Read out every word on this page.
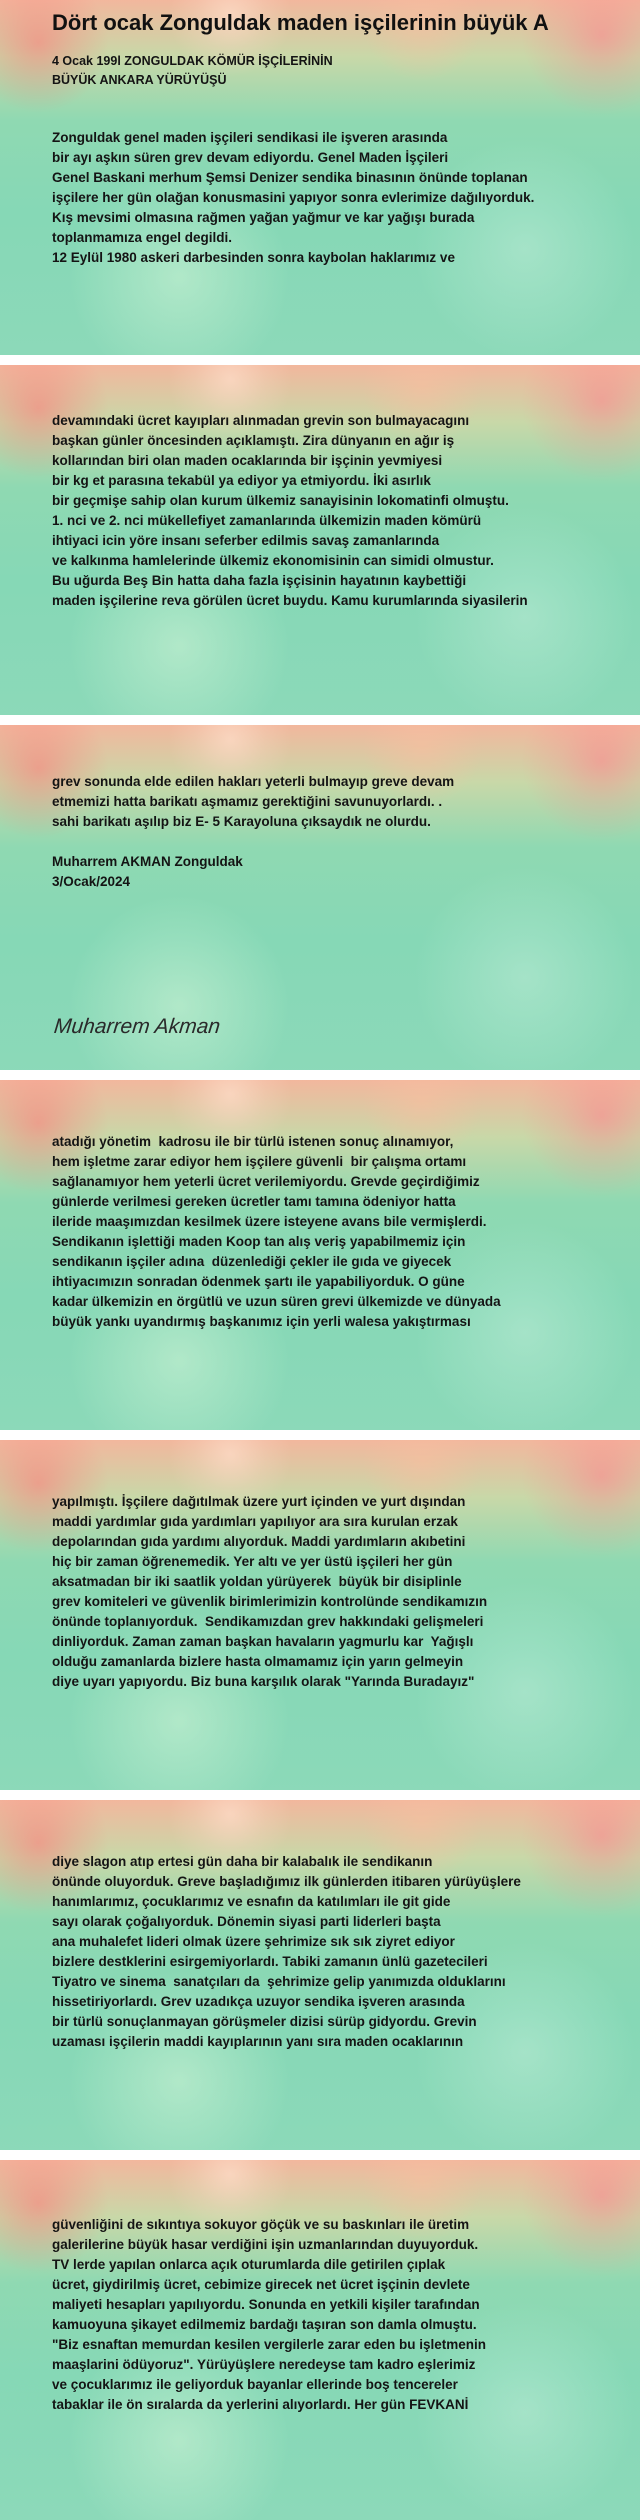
Dört ocak Zonguldak maden işçilerinin büyük A
4 Ocak 199l ZONGULDAK KÖMÜR İŞÇİLERİNİN
BÜYÜK ANKARA YÜRÜYÜŞÜ
Zonguldak genel maden işçileri sendikasi ile işveren arasında
bir ayı aşkın süren grev devam ediyordu. Genel Maden İşçileri
Genel Baskani merhum Şemsi Denizer sendika binasının önünde toplanan
işçilere her gün olağan konusmasini yapıyor sonra evlerimize dağılıyorduk.
Kış mevsimi olmasına rağmen yağan yağmur ve kar yağışı burada
toplanmamıza engel degildi.
12 Eylül 1980 askeri darbesinden sonra kaybolan haklarımız ve
devamındaki ücret kayıpları alınmadan grevin son bulmayacagını
başkan günler öncesinden açıklamıştı. Zira dünyanın en ağır iş
kollarından biri olan maden ocaklarında bir işçinin yevmiyesi
bir kg et parasına tekabül ya ediyor ya etmiyordu. İki asırlık
bir geçmişe sahip olan kurum ülkemiz sanayisinin lokomatinfi olmuştu.
1. nci ve 2. nci mükellefiyet zamanlarında ülkemizin maden kömürü
ihtiyaci icin yöre insanı seferber edilmis savaş zamanlarında
ve kalkınma hamlelerinde ülkemiz ekonomisinin can simidi olmustur.
Bu uğurda Beş Bin hatta daha fazla işçisinin hayatının kaybettiği
maden işçilerine reva görülen ücret buydu. Kamu kurumlarında siyasilerin
grev sonunda elde edilen hakları yeterli bulmayıp greve devam
etmemizi hatta barikatı aşmamız gerektiğini savunuyorlardı. .
sahi barikatı aşılıp biz E- 5 Karayoluna çıksaydık ne olurdu.

Muharrem AKMAN Zonguldak
3/Ocak/2024
Muharrem Akman
atadığı yönetim  kadrosu ile bir türlü istenen sonuç alınamıyor,
hem işletme zarar ediyor hem işçilere güvenli  bir çalışma ortamı
sağlanamıyor hem yeterli ücret verilemiyordu. Grevde geçirdiğimiz
günlerde verilmesi gereken ücretler tamı tamına ödeniyor hatta
ileride maaşımızdan kesilmek üzere isteyene avans bile vermişlerdi.
Sendikanın işlettiği maden Koop tan alış veriş yapabilmemiz için
sendikanın işçiler adına  düzenlediği çekler ile gıda ve giyecek
ihtiyacımızın sonradan ödenmek şartı ile yapabiliyorduk. O güne
kadar ülkemizin en örgütlü ve uzun süren grevi ülkemizde ve dünyada
büyük yankı uyandırmış başkanımız için yerli walesa yakıştırması
yapılmıştı. İşçilere dağıtılmak üzere yurt içinden ve yurt dışından
maddi yardımlar gıda yardımları yapılıyor ara sıra kurulan erzak
depolarından gıda yardımı alıyorduk. Maddi yardımların akıbetini
hiç bir zaman öğrenemedik. Yer altı ve yer üstü işçileri her gün
aksatmadan bir iki saatlik yoldan yürüyerek  büyük bir disiplinle
grev komiteleri ve güvenlik birimlerimizin kontrolünde sendikamızın
önünde toplanıyorduk.  Sendikamızdan grev hakkındaki gelişmeleri
dinliyorduk. Zaman zaman başkan havaların yagmurlu kar  Yağışlı
olduğu zamanlarda bizlere hasta olmamamız için yarın gelmeyin
diye uyarı yapıyordu. Biz buna karşılık olarak "Yarında Buradayız"
diye slagon atıp ertesi gün daha bir kalabalık ile sendikanın
önünde oluyorduk. Greve başladığımız ilk günlerden itibaren yürüyüşlere
hanımlarımız, çocuklarımız ve esnafın da katılımları ile git gide
sayı olarak çoğalıyorduk. Dönemin siyasi parti liderleri başta
ana muhalefet lideri olmak üzere şehrimize sık sık ziyret ediyor
bizlere destklerini esirgemiyorlardı. Tabiki zamanın ünlü gazetecileri
Tiyatro ve sinema  sanatçıları da  şehrimize gelip yanımızda olduklarını
hissetiriyorlardı. Grev uzadıkça uzuyor sendika işveren arasında
bir türlü sonuçlanmayan görüşmeler dizisi sürüp gidyordu. Grevin
uzaması işçilerin maddi kayıplarının yanı sıra maden ocaklarının
güvenliğini de sıkıntıya sokuyor göçük ve su baskınları ile üretim
galerilerine büyük hasar verdiğini işin uzmanlarından duyuyorduk.
TV lerde yapılan onlarca açık oturumlarda dile getirilen çıplak
ücret, giydirilmiş ücret, cebimize girecek net ücret işçinin devlete
maliyeti hesapları yapılıyordu. Sonunda en yetkili kişiler tarafından
kamuoyuna şikayet edilmemiz bardağı taşıran son damla olmuştu.
"Biz esnaftan memurdan kesilen vergilerle zarar eden bu işletmenin
maaşlarini ödüyoruz". Yürüyüşlere neredeyse tam kadro eşlerimiz
ve çocuklarımız ile geliyorduk bayanlar ellerinde boş tencereler
tabaklar ile ön sıralarda da yerlerini alıyorlardı. Her gün FEVKANİ
